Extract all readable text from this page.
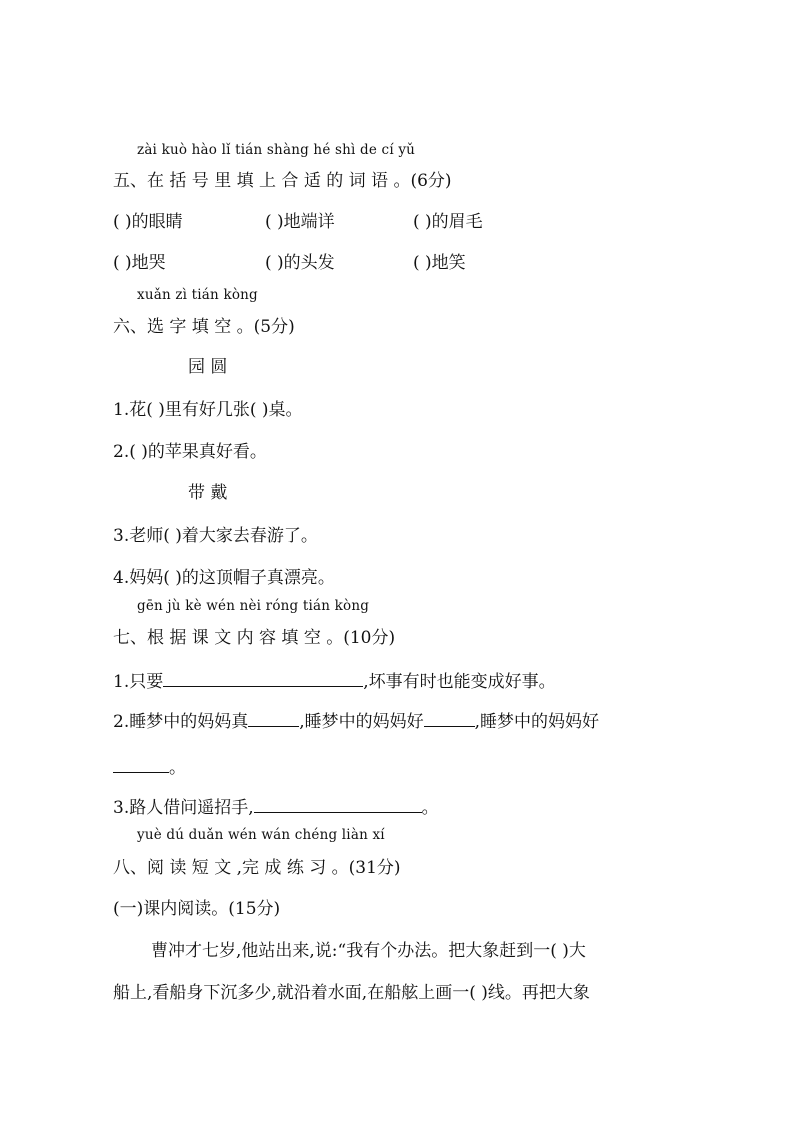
zài kuò hào lǐ tián shàng hé shì de cí yǔ
五、在 括 号 里 填 上 合 适 的 词 语 。(6分)
( )的眼睛	( )地端详	( )的眉毛
( )地哭	( )的头发	( )地笑
xuǎn zì tián kòng
六、选 字 填 空 。(5分)
园 圆
1.花( )里有好几张( )桌。
2.( )的苹果真好看。
带 戴
3.老师( )着大家去春游了。
4.妈妈( )的这顶帽子真漂亮。
gēn jù kè wén nèi róng tián kòng
七、根 据 课 文 内 容 填 空 。(10分)
1.只要	,坏事有时也能变成好事。
2.睡梦中的妈妈真	,睡梦中的妈妈好	,睡梦中的妈妈好
。
3.路人借问遥招手,	。
yuè dú duǎn wén wán chéng liàn xí
八、阅 读 短 文 ,完 成 练 习 。(31分)
(一)课内阅读。(15分)
曹冲才七岁,他站出来,说:“我有个办法。把大象赶到一( )大
船上,看船身下沉多少,就沿着水面,在船舷上画一( )线。再把大象
